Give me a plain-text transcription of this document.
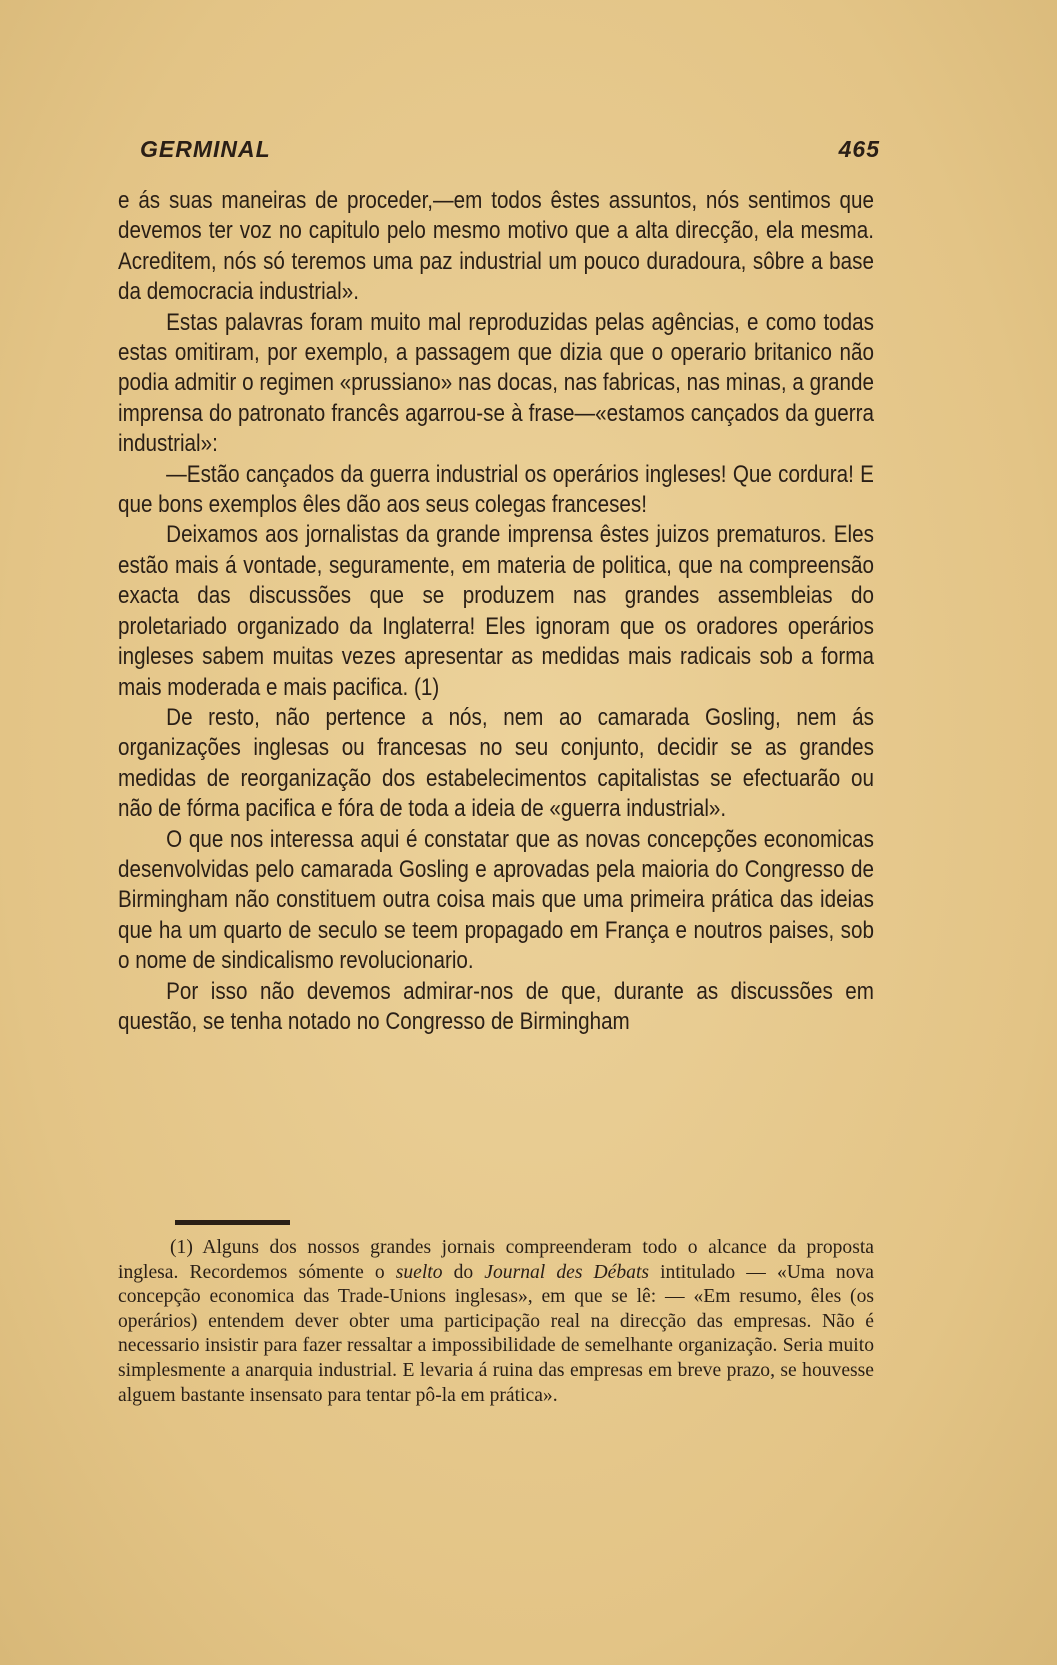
GERMINAL	465

e ás suas maneiras de proceder,—em todos êstes assuntos, nós sentimos que devemos ter voz no capitulo pelo mesmo motivo que a alta direcção, ela mesma. Acreditem, nós só teremos uma paz industrial um pouco duradoura, sôbre a base da democracia industrial».

Estas palavras foram muito mal reproduzidas pelas agências, e como todas estas omitiram, por exemplo, a passagem que dizia que o operario britanico não podia admitir o regimen «prussiano» nas docas, nas fabricas, nas minas, a grande imprensa do patronato francês agarrou-se à frase—«estamos cançados da guerra industrial»:

—Estão cançados da guerra industrial os operários ingleses! Que cordura! E que bons exemplos êles dão aos seus colegas franceses!

Deixamos aos jornalistas da grande imprensa êstes juizos prematuros. Eles estão mais á vontade, seguramente, em materia de politica, que na compreensão exacta das discussões que se produzem nas grandes assembleias do proletariado organizado da Inglaterra! Eles ignoram que os oradores operários ingleses sabem muitas vezes apresentar as medidas mais radicais sob a forma mais moderada e mais pacifica. (1)

De resto, não pertence a nós, nem ao camarada Gosling, nem ás organizações inglesas ou francesas no seu conjunto, decidir se as grandes medidas de reorganização dos estabelecimentos capitalistas se efectuarão ou não de fórma pacifica e fóra de toda a ideia de «guerra industrial».

O que nos interessa aqui é constatar que as novas concepções economicas desenvolvidas pelo camarada Gosling e aprovadas pela maioria do Congresso de Birmingham não constituem outra coisa mais que uma primeira prática das ideias que ha um quarto de seculo se teem propagado em França e noutros paises, sob o nome de sindicalismo revolucionario.

Por isso não devemos admirar-nos de que, durante as discussões em questão, se tenha notado no Congresso de Birmingham

(1) Alguns dos nossos grandes jornais compreenderam todo o alcance da proposta inglesa. Recordemos sómente o suelto do Journal des Débats intitulado — «Uma nova concepção economica das Trade-Unions inglesas», em que se lê: — «Em resumo, êles (os operários) entendem dever obter uma participação real na direcção das empresas. Não é necessario insistir para fazer ressaltar a impossibilidade de semelhante organização. Seria muito simplesmente a anarquia industrial. E levaria á ruina das empresas em breve prazo, se houvesse alguem bastante insensato para tentar pô-la em prática».
